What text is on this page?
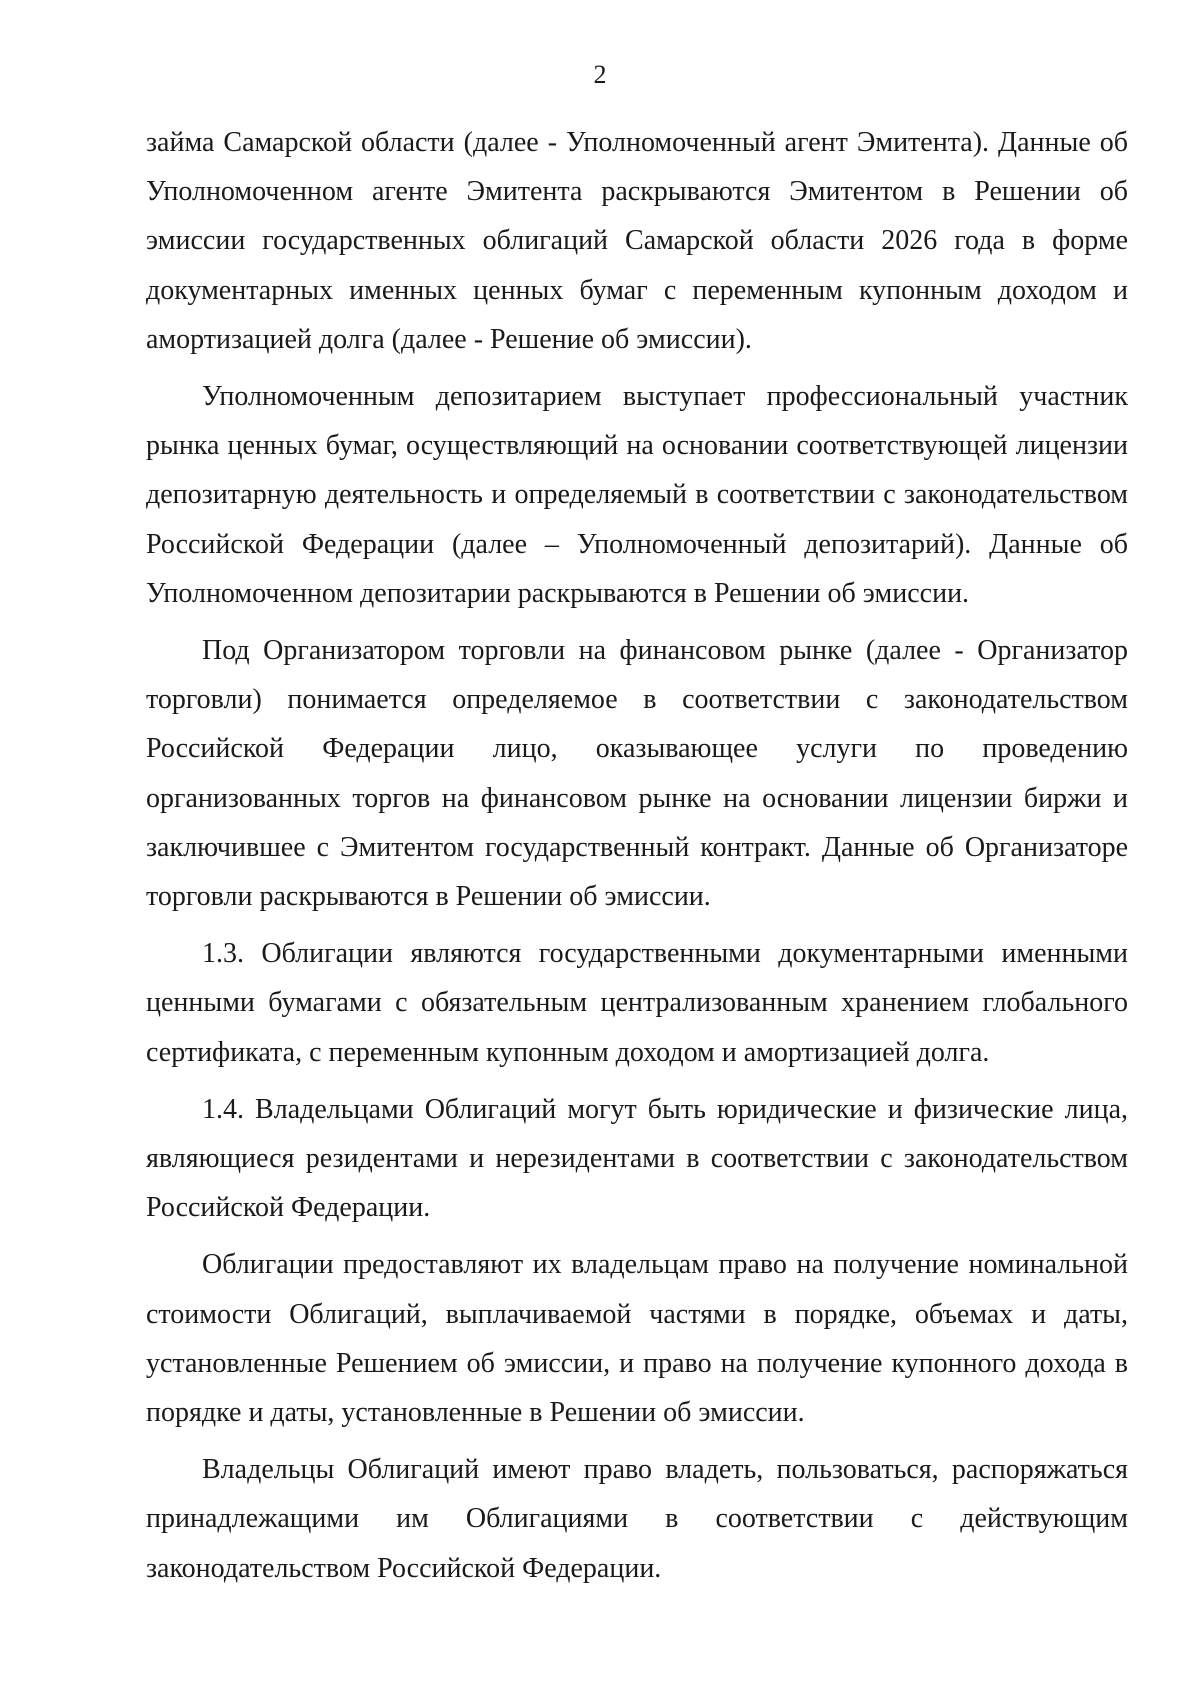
2

займа Самарской области (далее - Уполномоченный агент Эмитента). Данные об Уполномоченном агенте Эмитента раскрываются Эмитентом в Решении об эмиссии государственных облигаций Самарской области 2026 года в форме документарных именных ценных бумаг с переменным купонным доходом и амортизацией долга (далее - Решение об эмиссии).

Уполномоченным депозитарием выступает профессиональный участник рынка ценных бумаг, осуществляющий на основании соответствующей лицензии депозитарную деятельность и определяемый в соответствии с законодательством Российской Федерации (далее – Уполномоченный депозитарий). Данные об Уполномоченном депозитарии раскрываются в Решении об эмиссии.

Под Организатором торговли на финансовом рынке (далее - Организатор торговли) понимается определяемое в соответствии с законодательством Российской Федерации лицо, оказывающее услуги по проведению организованных торгов на финансовом рынке на основании лицензии биржи и заключившее с Эмитентом государственный контракт. Данные об Организаторе торговли раскрываются в Решении об эмиссии.

1.3. Облигации являются государственными документарными именными ценными бумагами с обязательным централизованным хранением глобального сертификата, с переменным купонным доходом и амортизацией долга.

1.4. Владельцами Облигаций могут быть юридические и физические лица, являющиеся резидентами и нерезидентами в соответствии с законодательством Российской Федерации.

Облигации предоставляют их владельцам право на получение номинальной стоимости Облигаций, выплачиваемой частями в порядке, объемах и даты, установленные Решением об эмиссии, и право на получение купонного дохода в порядке и даты, установленные в Решении об эмиссии.

Владельцы Облигаций имеют право владеть, пользоваться, распоряжаться принадлежащими им Облигациями в соответствии с действующим законодательством Российской Федерации.
